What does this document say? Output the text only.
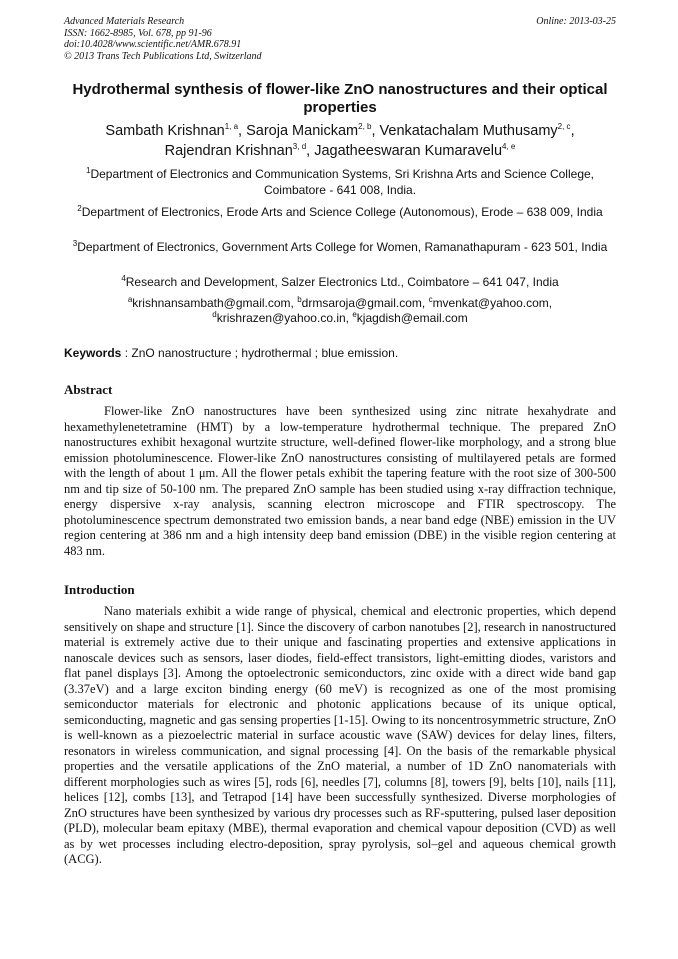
Advanced Materials Research
ISSN: 1662-8985, Vol. 678, pp 91-96
doi:10.4028/www.scientific.net/AMR.678.91
© 2013 Trans Tech Publications Ltd, Switzerland
Online: 2013-03-25
Hydrothermal synthesis of flower-like ZnO nanostructures and their optical properties
Sambath Krishnan$^{1, a}$, Saroja Manickam$^{2, b}$, Venkatachalam Muthusamy$^{2, c}$,
Rajendran Krishnan$^{3, d}$, Jagatheeswaran Kumaravelu$^{4, e}$
$^1$Department of Electronics and Communication Systems, Sri Krishna Arts and Science College, Coimbatore - 641 008, India.
$^2$Department of Electronics, Erode Arts and Science College (Autonomous), Erode – 638 009, India
$^3$Department of Electronics, Government Arts College for Women, Ramanathapuram - 623 501, India
$^4$Research and Development, Salzer Electronics Ltd., Coimbatore – 641 047, India
$^a$krishnansambath@gmail.com, $^b$drmsaroja@gmail.com, $^c$mvenkat@yahoo.com,
$^d$krishrazen@yahoo.co.in, $^e$kjagdish@email.com
Keywords : ZnO nanostructure ; hydrothermal ; blue emission.
Abstract
Flower-like ZnO nanostructures have been synthesized using zinc nitrate hexahydrate and hexamethylenetetramine (HMT) by a low-temperature hydrothermal technique. The prepared ZnO nanostructures exhibit hexagonal wurtzite structure, well-defined flower-like morphology, and a strong blue emission photoluminescence. Flower-like ZnO nanostructures consisting of multilayered petals are formed with the length of about 1 μm. All the flower petals exhibit the tapering feature with the root size of 300-500 nm and tip size of 50-100 nm. The prepared ZnO sample has been studied using x-ray diffraction technique, energy dispersive x-ray analysis, scanning electron microscope and FTIR spectroscopy. The photoluminescence spectrum demonstrated two emission bands, a near band edge (NBE) emission in the UV region centering at 386 nm and a high intensity deep band emission (DBE) in the visible region centering at 483 nm.
Introduction
Nano materials exhibit a wide range of physical, chemical and electronic properties, which depend sensitively on shape and structure [1]. Since the discovery of carbon nanotubes [2], research in nanostructured material is extremely active due to their unique and fascinating properties and extensive applications in nanoscale devices such as sensors, laser diodes, field-effect transistors, light-emitting diodes, varistors and flat panel displays [3]. Among the optoelectronic semiconductors, zinc oxide with a direct wide band gap (3.37eV) and a large exciton binding energy (60 meV) is recognized as one of the most promising semiconductor materials for electronic and photonic applications because of its unique optical, semiconducting, magnetic and gas sensing properties [1-15]. Owing to its noncentrosymmetric structure, ZnO is well-known as a piezoelectric material in surface acoustic wave (SAW) devices for delay lines, filters, resonators in wireless communication, and signal processing [4]. On the basis of the remarkable physical properties and the versatile applications of the ZnO material, a number of 1D ZnO nanomaterials with different morphologies such as wires [5], rods [6], needles [7], columns [8], towers [9], belts [10], nails [11], helices [12], combs [13], and Tetrapod [14] have been successfully synthesized. Diverse morphologies of ZnO structures have been synthesized by various dry processes such as RF-sputtering, pulsed laser deposition (PLD), molecular beam epitaxy (MBE), thermal evaporation and chemical vapour deposition (CVD) as well as by wet processes including electro-deposition, spray pyrolysis, sol–gel and aqueous chemical growth (ACG).
